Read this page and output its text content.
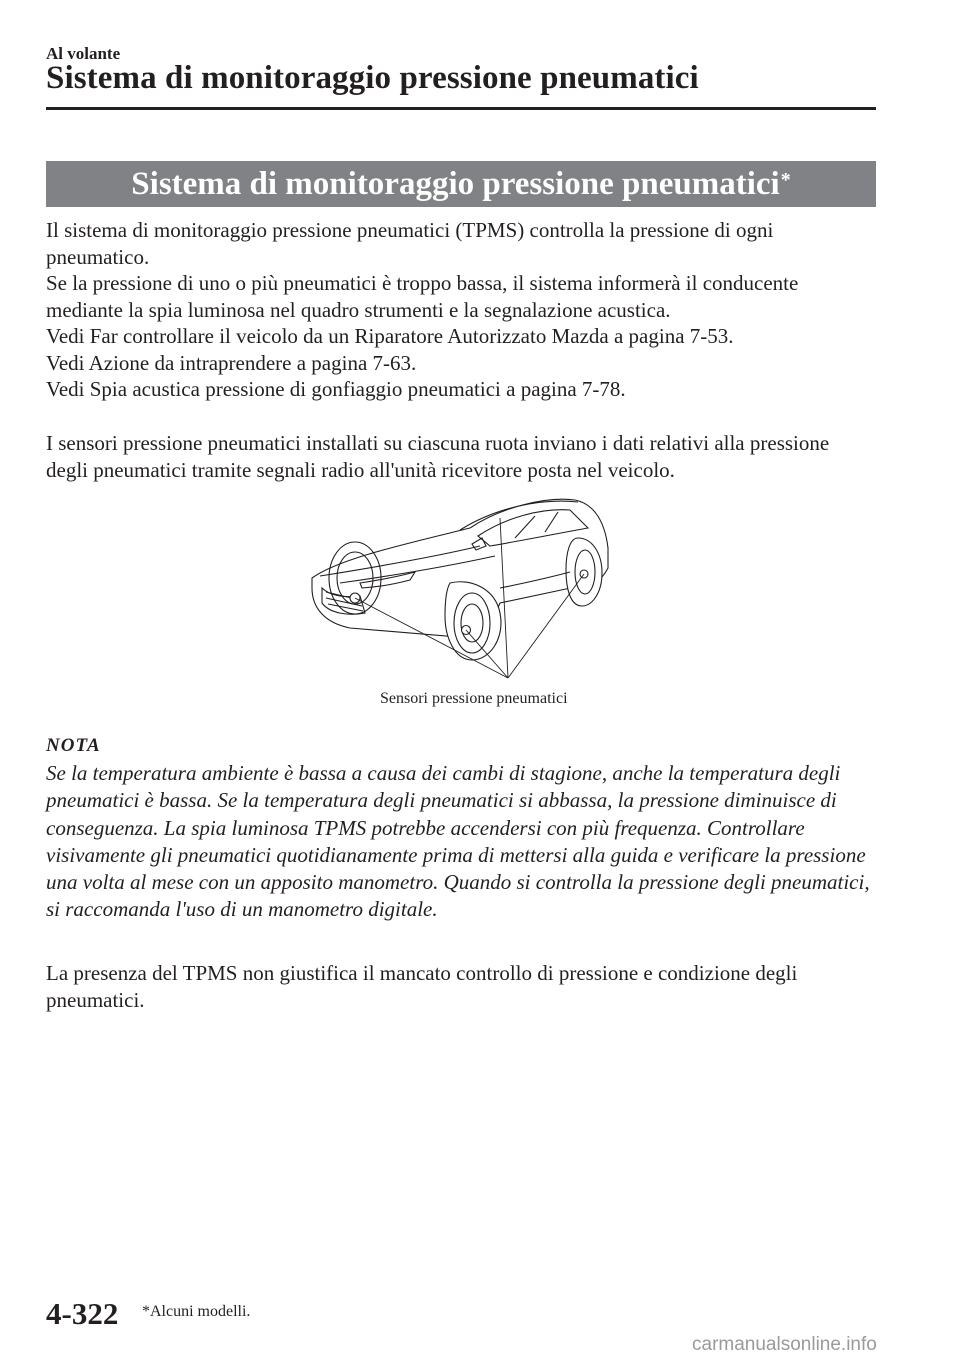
Al volante
Sistema di monitoraggio pressione pneumatici
Sistema di monitoraggio pressione pneumatici*

Il sistema di monitoraggio pressione pneumatici (TPMS) controlla la pressione di ogni pneumatico.

Se la pressione di uno o più pneumatici è troppo bassa, il sistema informerà il conducente mediante la spia luminosa nel quadro strumenti e la segnalazione acustica.

Vedi Far controllare il veicolo da un Riparatore Autorizzato Mazda a pagina 7-53.

Vedi Azione da intraprendere a pagina 7-63.

Vedi Spia acustica pressione di gonfiaggio pneumatici a pagina 7-78.

I sensori pressione pneumatici installati su ciascuna ruota inviano i dati relativi alla pressione degli pneumatici tramite segnali radio all'unità ricevitore posta nel veicolo.
Sensori pressione pneumatici
NOTA
Se la temperatura ambiente è bassa a causa dei cambi di stagione, anche la temperatura degli pneumatici è bassa. Se la temperatura degli pneumatici si abbassa, la pressione diminuisce di conseguenza. La spia luminosa TPMS potrebbe accendersi con più frequenza. Controllare visivamente gli pneumatici quotidianamente prima di mettersi alla guida e verificare la pressione una volta al mese con un apposito manometro. Quando si controlla la pressione degli pneumatici, si raccomanda l'uso di un manometro digitale.
La presenza del TPMS non giustifica il mancato controllo di pressione e condizione degli pneumatici.
4-322 *Alcuni modelli.
carmanualsonline.info
